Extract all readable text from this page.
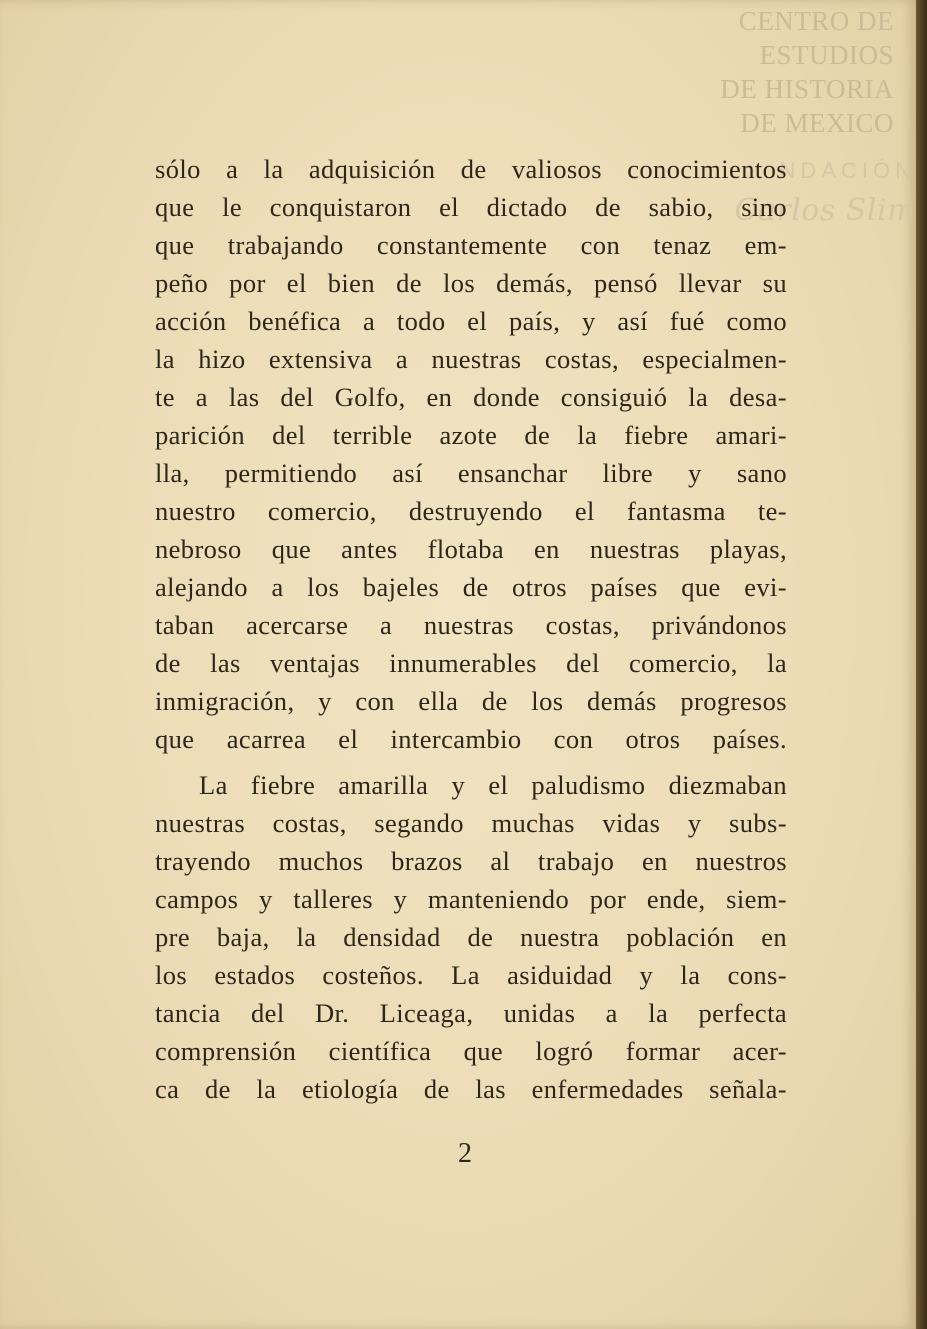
CENTRO DE
ESTUDIOS
DE HISTORIA
DE MEXICO
NDACIÓN
Carlos Slim
sólo a la adquisición de valiosos conocimientos
que le conquistaron el dictado de sabio, sino
que trabajando constantemente con tenaz em-
peño por el bien de los demás, pensó llevar su
acción benéfica a todo el país, y así fué como
la hizo extensiva a nuestras costas, especialmen-
te a las del Golfo, en donde consiguió la desa-
parición del terrible azote de la fiebre amari-
lla, permitiendo así ensanchar libre y sano
nuestro comercio, destruyendo el fantasma te-
nebroso que antes flotaba en nuestras playas,
alejando a los bajeles de otros países que evi-
taban acercarse a nuestras costas, privándonos
de las ventajas innumerables del comercio, la
inmigración, y con ella de los demás progresos
que acarrea el intercambio con otros países.
La fiebre amarilla y el paludismo diezmaban
nuestras costas, segando muchas vidas y subs-
trayendo muchos brazos al trabajo en nuestros
campos y talleres y manteniendo por ende, siem-
pre baja, la densidad de nuestra población en
los estados costeños. La asiduidad y la cons-
tancia del Dr. Liceaga, unidas a la perfecta
comprensión científica que logró formar acer-
ca de la etiología de las enfermedades señala-
2
